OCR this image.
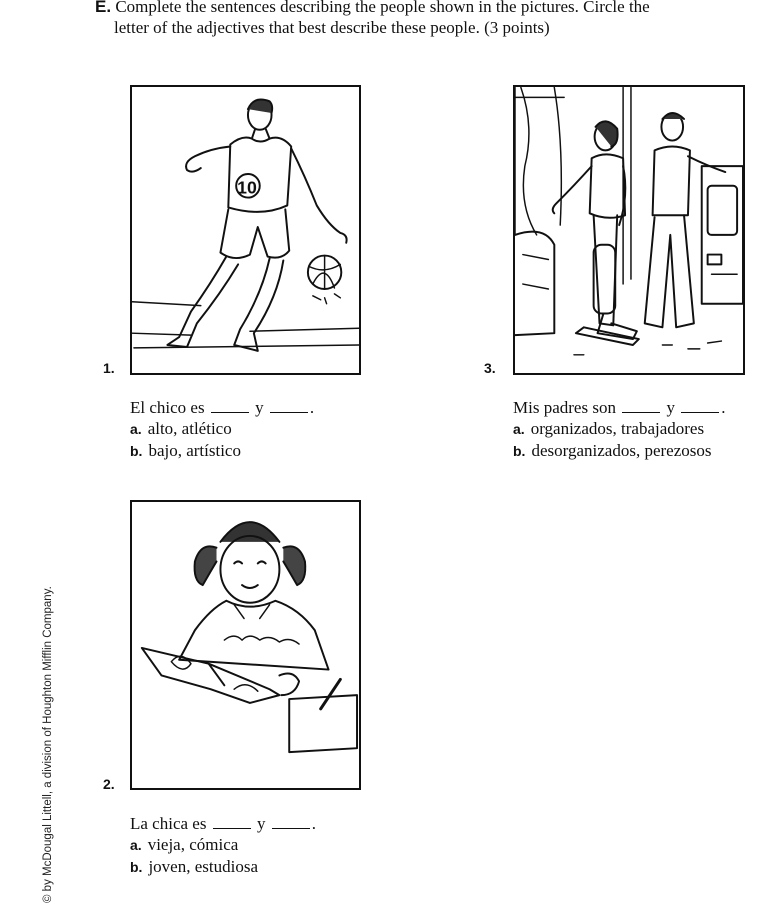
E. Complete the sentences describing the people shown in the pictures. Circle the
letter of the adjectives that best describe these people. (3 points)
10
1.
El chico es	y	.
a. alto, atlético
b. bajo, artístico
3.
Mis padres son	y	.
a. organizados, trabajadores
b. desorganizados, perezosos
2.
La chica es	y	.
a. vieja, cómica
b. joven, estudiosa
© by McDougal Littell, a division of Houghton Mifflin Company.
